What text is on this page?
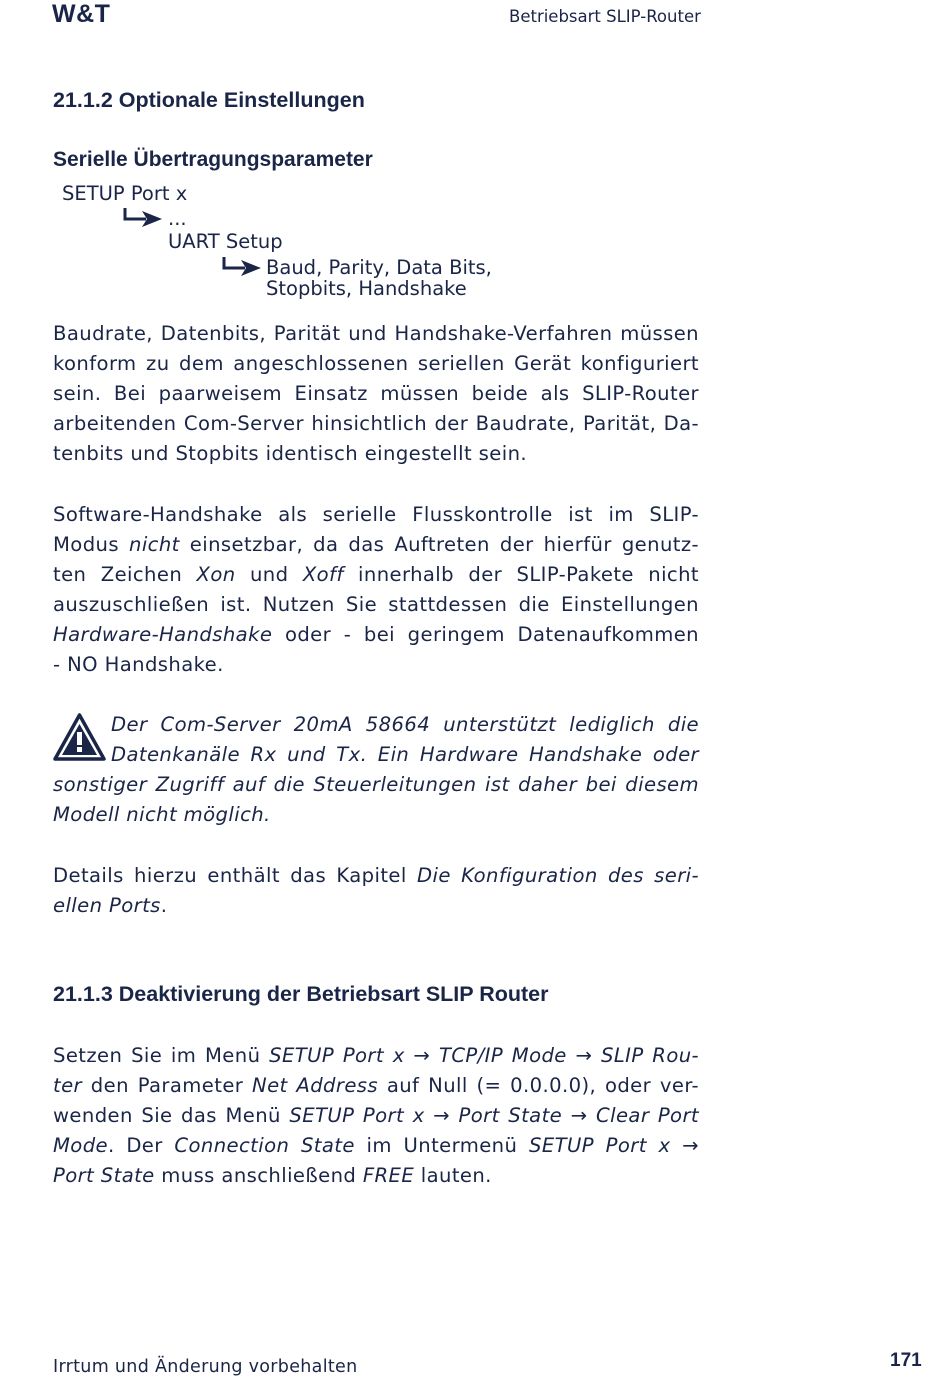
W&T	Betriebsart SLIP-Router
21.1.2 Optionale Einstellungen
Serielle Übertragungsparameter
SETUP Port x
...
UART Setup
Baud, Parity, Data Bits,
Stopbits, Handshake
Baudrate, Datenbits, Parität und Handshake-Verfahren müssen
konform zu dem angeschlossenen seriellen Gerät konfiguriert
sein. Bei paarweisem Einsatz müssen beide als SLIP-Router
arbeitenden Com-Server hinsichtlich der Baudrate, Parität, Da-
tenbits und Stopbits identisch eingestellt sein.
Software-Handshake als serielle Flusskontrolle ist im SLIP-
Modus nicht einsetzbar, da das Auftreten der hierfür genutz-
ten Zeichen Xon und Xoff innerhalb der SLIP-Pakete nicht
auszuschließen ist. Nutzen Sie stattdessen die Einstellungen
Hardware-Handshake oder - bei geringem Datenaufkommen
- NO Handshake.
Der Com-Server 20mA 58664 unterstützt lediglich die
Datenkanäle Rx und Tx. Ein Hardware Handshake oder
sonstiger Zugriff auf die Steuerleitungen ist daher bei diesem
Modell nicht möglich.
Details hierzu enthält das Kapitel Die Konfiguration des seri-
ellen Ports.
21.1.3 Deaktivierung der Betriebsart SLIP Router
Setzen Sie im Menü SETUP Port x → TCP/IP Mode → SLIP Rou-
ter den Parameter Net Address auf Null (= 0.0.0.0), oder ver-
wenden Sie das Menü SETUP Port x → Port State → Clear Port
Mode. Der Connection State im Untermenü SETUP Port x →
Port State muss anschließend FREE lauten.
Irrtum und Änderung vorbehalten	171
